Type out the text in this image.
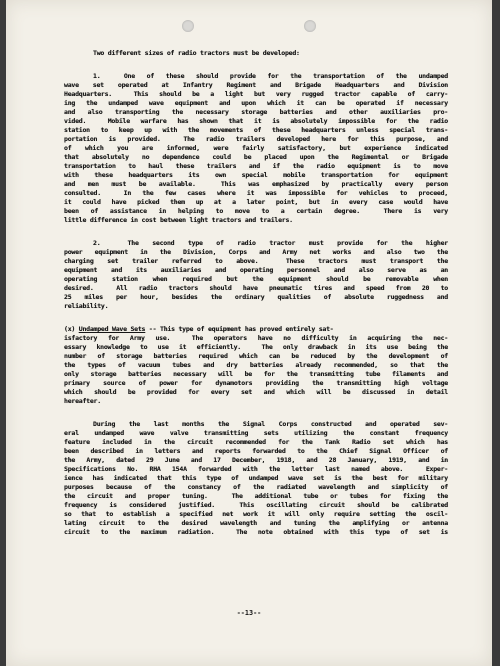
Two different sizes of radio tractors must be developed:
1.  One of these should provide for the transportation of the undamped
wave set operated at Infantry Regiment and Brigade Headquarters and Division
Headquarters.  This should be a light but very rugged tractor capable of carry-
ing the undamped wave equipment and upon which it can be operated if necessary
and also transporting the necessary storage batteries and other auxiliaries pro-
vided.  Mobile warfare has shown that it is absolutely impossible for the radio
station to keep up with the movements of these headquarters unless special trans-
portation is provided.  The radio trailers developed here for this purpose, and
of which you are informed, were fairly satisfactory, but experience indicated
that absolutely no dependence could be placed upon the Regimental or Brigade
transportation to haul these trailers and if the radio equipment is to move
with these headquarters its own special mobile transportation for equipment
and men must be available.  This was emphasized by practically every person
consulted.  In the few cases where it was impossible for vehicles to proceed,
it could have picked them up at a later point, but in every case would have
been of assistance in helping to move to a certain degree.  There is very
little difference in cost between light tractors and trailers.
2.  The second type of radio tractor must provide for the higher
power equipment in the Division, Corps and Army net works and also two the
charging set trailer referred to above.  These tractors must transport the
equipment and its auxiliaries and operating personnel and also serve as an
operating station when required but the equipment should be removable when
desired.  All radio tractors should have pneumatic tires and speed from 20 to
25 miles per hour, besides the ordinary qualities of absolute ruggedness and
reliability.
(x) Undamped Wave Sets -- This type of equipment has proved entirely sat-
isfactory for Army use.  The operators have no difficulty in acquiring the nec-
essary knowledge to use it efficiently.  The only drawback in its use being the
number of storage batteries required which can be reduced by the development of
the types of vacuum tubes and dry batteries already recommended, so that the
only storage batteries necessary will be for the transmitting tube filaments and
primary source of power for dynamotors providing the transmitting high voltage
which should be provided for every set and which will be discussed in detail
hereafter.
During the last months the Signal Corps constructed and operated sev-
eral undamped wave valve transmitting sets utilizing the constant frequency
feature included in the circuit recommended for the Tank Radio set which has
been described in letters and reports forwarded to the Chief Signal Officer of
the Army, dated 29 June and 17 December, 1918, and 28 January, 1919, and in
Specifications No. RHA 154A forwarded with the letter last named above.  Exper-
ience has indicated that this type of undamped wave set is the best for military
purposes because of the constancy of the radiated wavelength and simplicity of
the circuit and proper tuning.  The additional tube or tubes for fixing the
frequency is considered justified.  This oscillating circuit should be calibrated
so that to establish a specified net work it will only require setting the oscil-
lating circuit to the desired wavelength and tuning the amplifying or antenna
circuit to the maximum radiation.  The note obtained with this type of set is
--13--
